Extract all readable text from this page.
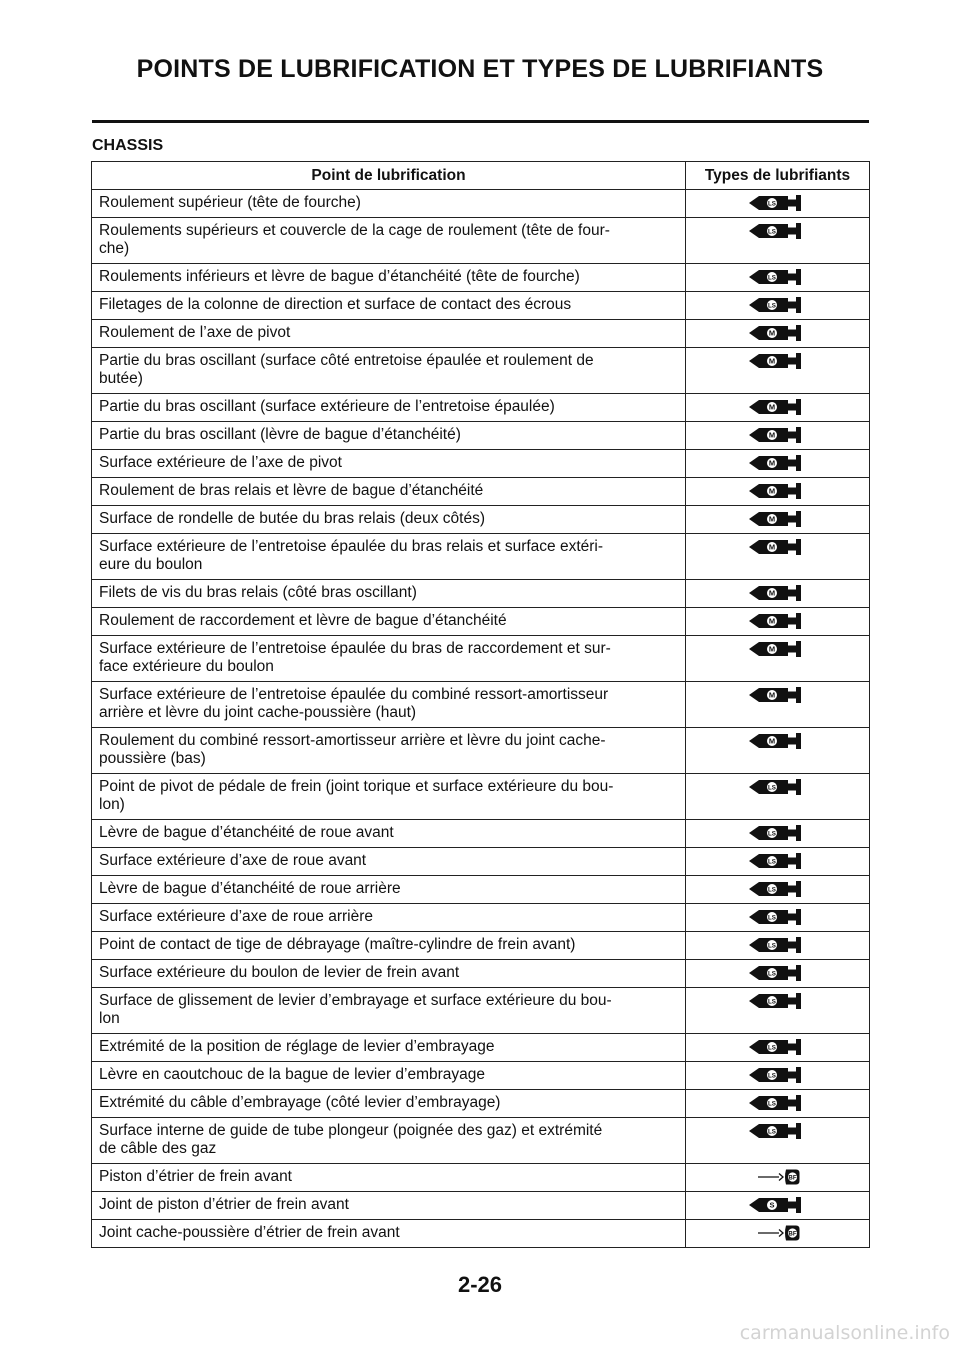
POINTS DE LUBRIFICATION ET TYPES DE LUBRIFIANTS
CHASSIS
Point de lubrification	Types de lubrifiants
Roulement supérieur (tête de fourche)	LS

Roulements supérieurs et couvercle de la cage de roulement (tête de four-
che)	LS

Roulements inférieurs et lèvre de bague d’étanchéité (tête de fourche)	LS

Filetages de la colonne de direction et surface de contact des écrous	LS

Roulement de l’axe de pivot	M

Partie du bras oscillant (surface côté entretoise épaulée et roulement de
butée)	M

Partie du bras oscillant (surface extérieure de l’entretoise épaulée)	M

Partie du bras oscillant (lèvre de bague d’étanchéité)	M

Surface extérieure de l’axe de pivot	M

Roulement de bras relais et lèvre de bague d’étanchéité	M

Surface de rondelle de butée du bras relais (deux côtés)	M

Surface extérieure de l’entretoise épaulée du bras relais et surface extéri-
eure du boulon	M

Filets de vis du bras relais (côté bras oscillant)	M

Roulement de raccordement et lèvre de bague d’étanchéité	M

Surface extérieure de l’entretoise épaulée du bras de raccordement et sur-
face extérieure du boulon	M

Surface extérieure de l’entretoise épaulée du combiné ressort-amortisseur
arrière et lèvre du joint cache-poussière (haut)	M

Roulement du combiné ressort-amortisseur arrière et lèvre du joint cache-
poussière (bas)	M

Point de pivot de pédale de frein (joint torique et surface extérieure du bou-
lon)	LS

Lèvre de bague d’étanchéité de roue avant	LS

Surface extérieure d’axe de roue avant	LS

Lèvre de bague d’étanchéité de roue arrière	LS

Surface extérieure d’axe de roue arrière	LS

Point de contact de tige de débrayage (maître-cylindre de frein avant)	LS

Surface extérieure du boulon de levier de frein avant	LS

Surface de glissement de levier d’embrayage et surface extérieure du bou-
lon	LS

Extrémité de la position de réglage de levier d’embrayage	LS

Lèvre en caoutchouc de la bague de levier d’embrayage	LS

Extrémité du câble d’embrayage (côté levier d’embrayage)	LS

Surface interne de guide de tube plongeur (poignée des gaz) et extrémité
de câble des gaz	LS

Piston d’étrier de frein avant	BF

Joint de piston d’étrier de frein avant	S

Joint cache-poussière d’étrier de frein avant	BF
2-26
carmanualsonline.info
